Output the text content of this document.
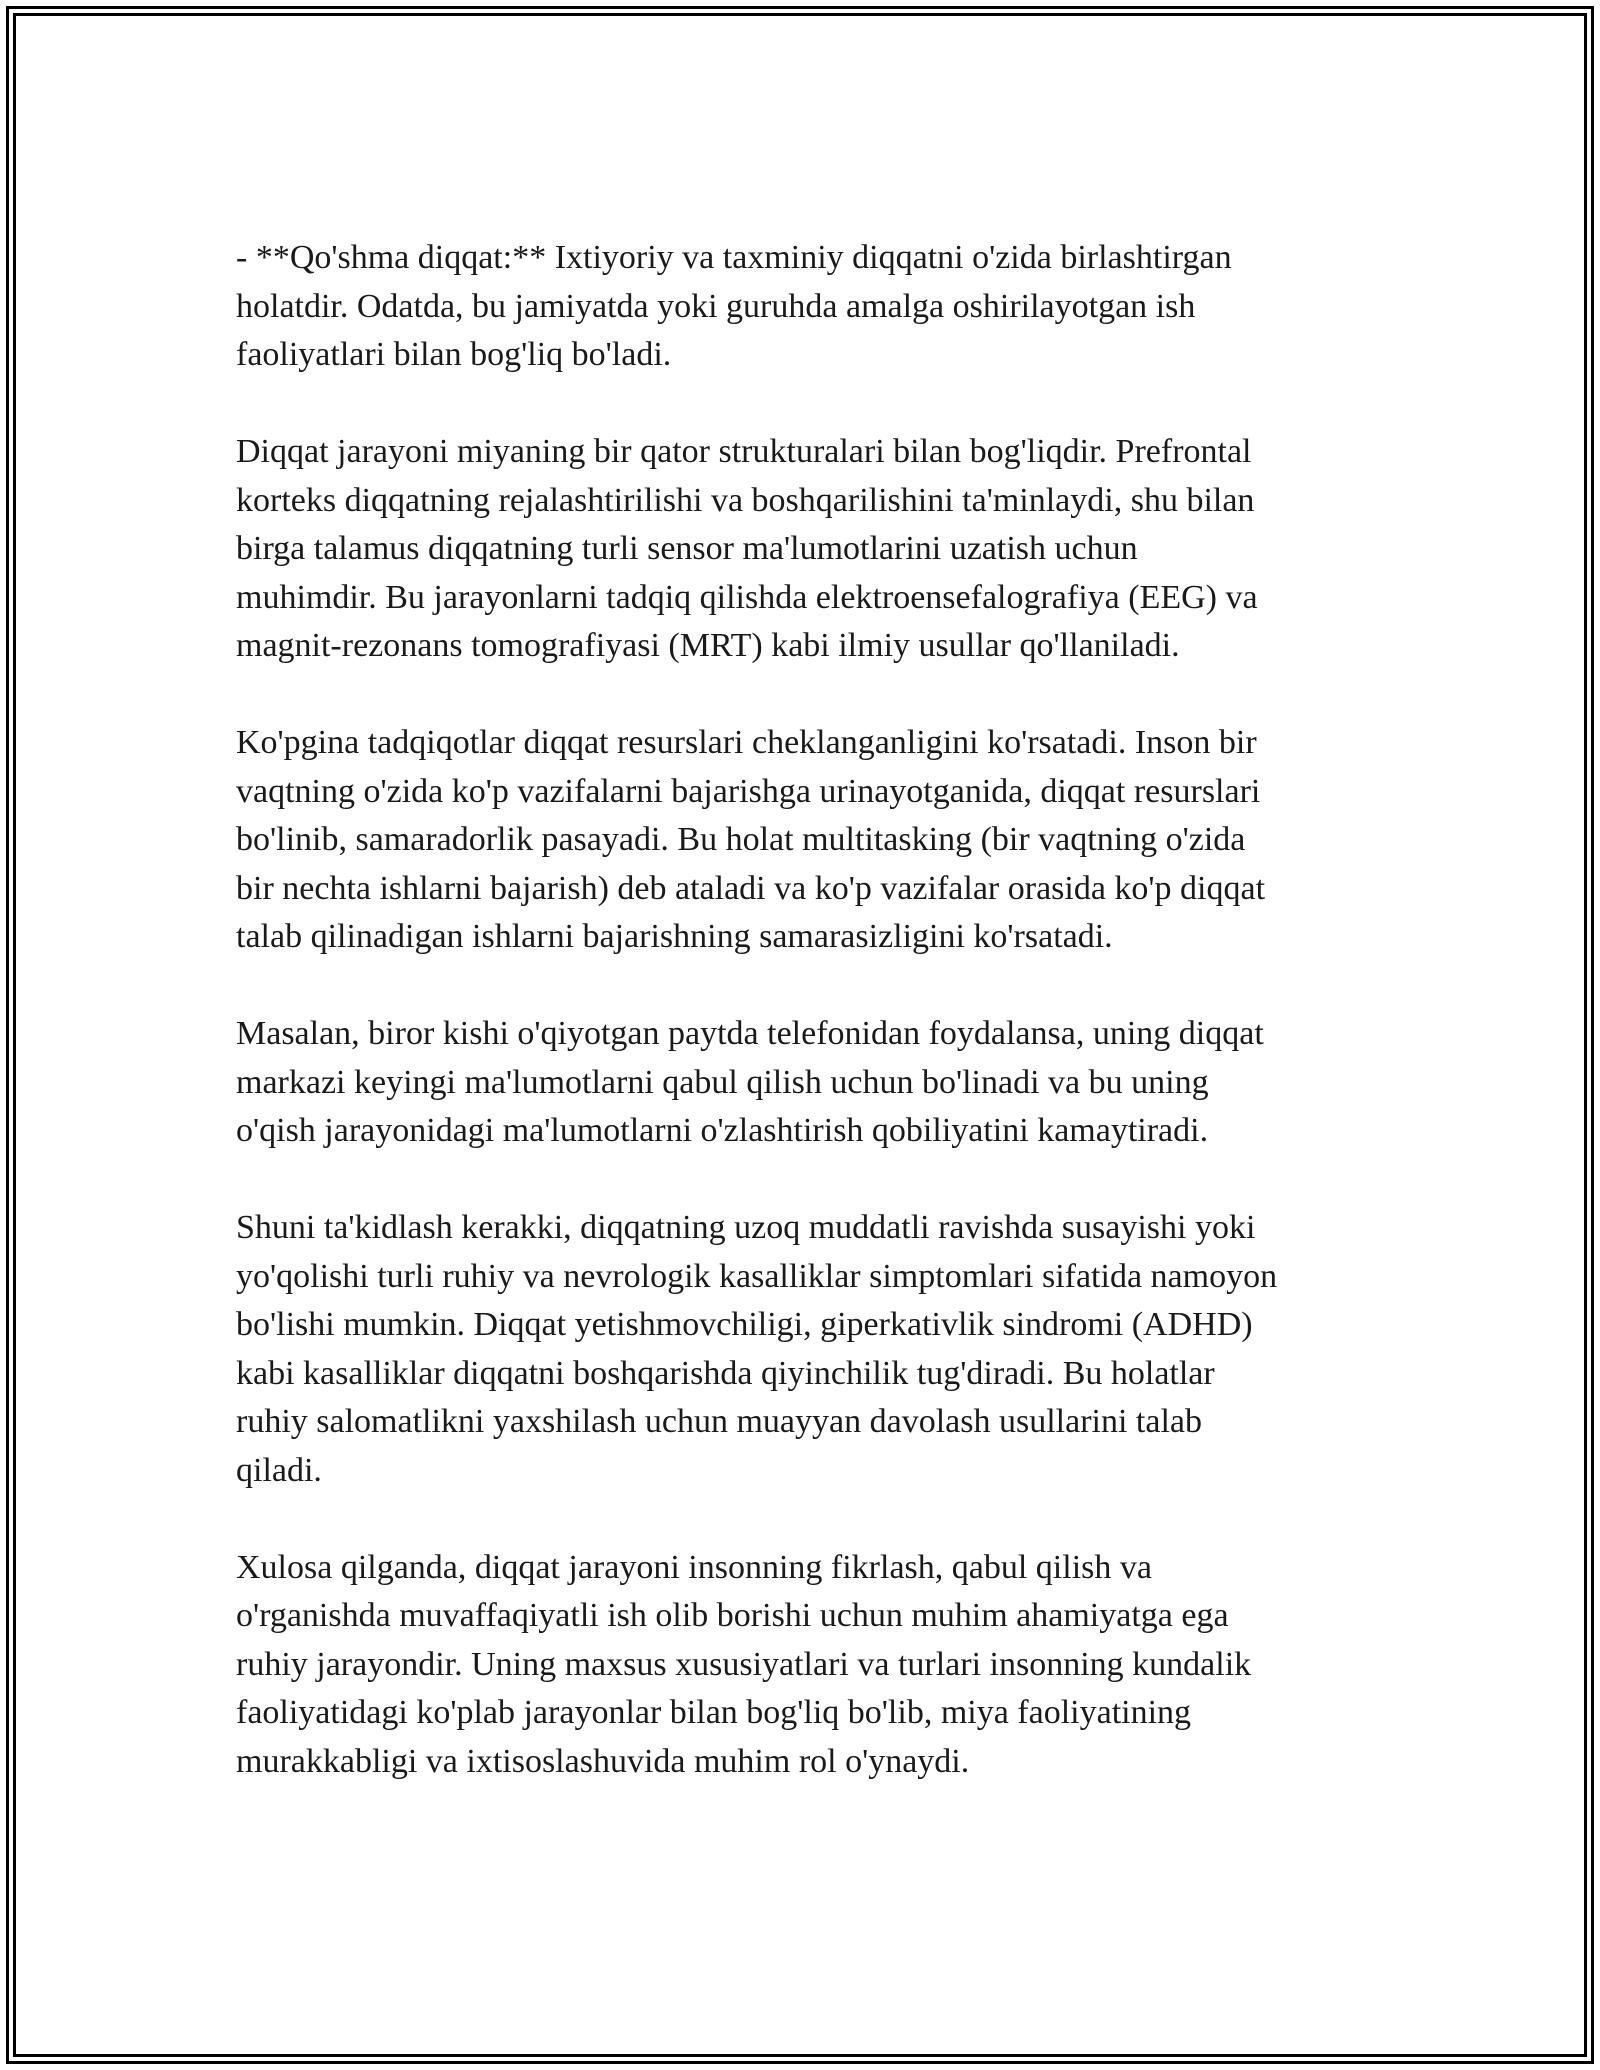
- **Qo'shma diqqat:** Ixtiyoriy va taxminiy diqqatni o'zida birlashtirgan
holatdir. Odatda, bu jamiyatda yoki guruhda amalga oshirilayotgan ish
faoliyatlari bilan bog'liq bo'ladi.

Diqqat jarayoni miyaning bir qator strukturalari bilan bog'liqdir. Prefrontal
korteks diqqatning rejalashtirilishi va boshqarilishini ta'minlaydi, shu bilan
birga talamus diqqatning turli sensor ma'lumotlarini uzatish uchun
muhimdir. Bu jarayonlarni tadqiq qilishda elektroensefalografiya (EEG) va
magnit-rezonans tomografiyasi (MRT) kabi ilmiy usullar qo'llaniladi.

Ko'pgina tadqiqotlar diqqat resurslari cheklanganligini ko'rsatadi. Inson bir
vaqtning o'zida ko'p vazifalarni bajarishga urinayotganida, diqqat resurslari
bo'linib, samaradorlik pasayadi. Bu holat multitasking (bir vaqtning o'zida
bir nechta ishlarni bajarish) deb ataladi va ko'p vazifalar orasida ko'p diqqat
talab qilinadigan ishlarni bajarishning samarasizligini ko'rsatadi.

Masalan, biror kishi o'qiyotgan paytda telefonidan foydalansa, uning diqqat
markazi keyingi ma'lumotlarni qabul qilish uchun bo'linadi va bu uning
o'qish jarayonidagi ma'lumotlarni o'zlashtirish qobiliyatini kamaytiradi.

Shuni ta'kidlash kerakki, diqqatning uzoq muddatli ravishda susayishi yoki
yo'qolishi turli ruhiy va nevrologik kasalliklar simptomlari sifatida namoyon
bo'lishi mumkin. Diqqat yetishmovchiligi, giperkativlik sindromi (ADHD)
kabi kasalliklar diqqatni boshqarishda qiyinchilik tug'diradi. Bu holatlar
ruhiy salomatlikni yaxshilash uchun muayyan davolash usullarini talab
qiladi.

Xulosa qilganda, diqqat jarayoni insonning fikrlash, qabul qilish va
o'rganishda muvaffaqiyatli ish olib borishi uchun muhim ahamiyatga ega
ruhiy jarayondir. Uning maxsus xususiyatlari va turlari insonning kundalik
faoliyatidagi ko'plab jarayonlar bilan bog'liq bo'lib, miya faoliyatining
murakkabligi va ixtisoslashuvida muhim rol o'ynaydi.
